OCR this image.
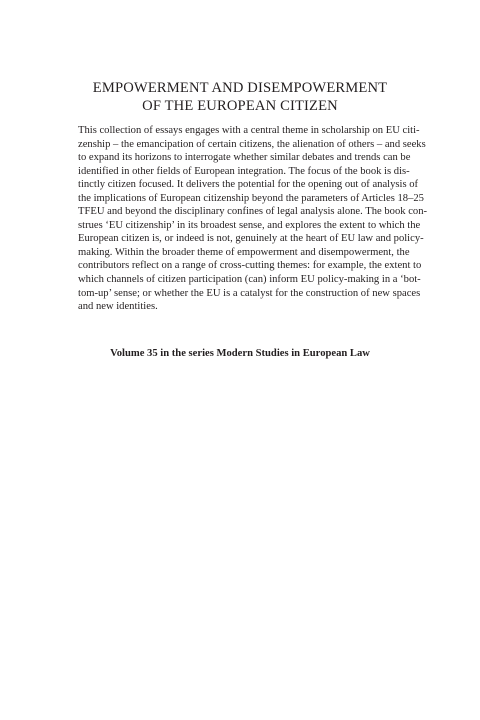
EMPOWERMENT AND DISEMPOWERMENT
OF THE EUROPEAN CITIZEN
This collection of essays engages with a central theme in scholarship on EU citi-
zenship – the emancipation of certain citizens, the alienation of others – and seeks
to expand its horizons to interrogate whether similar debates and trends can be
identified in other fields of European integration. The focus of the book is dis-
tinctly citizen focused. It delivers the potential for the opening out of analysis of
the implications of European citizenship beyond the parameters of Articles 18–25
TFEU and beyond the disciplinary confines of legal analysis alone. The book con-
strues ‘EU citizenship’ in its broadest sense, and explores the extent to which the
European citizen is, or indeed is not, genuinely at the heart of EU law and policy-
making. Within the broader theme of empowerment and disempowerment, the
contributors reflect on a range of cross-cutting themes: for example, the extent to
which channels of citizen participation (can) inform EU policy-making in a ‘bot-
tom-up’ sense; or whether the EU is a catalyst for the construction of new spaces
and new identities.
Volume 35 in the series Modern Studies in European Law
